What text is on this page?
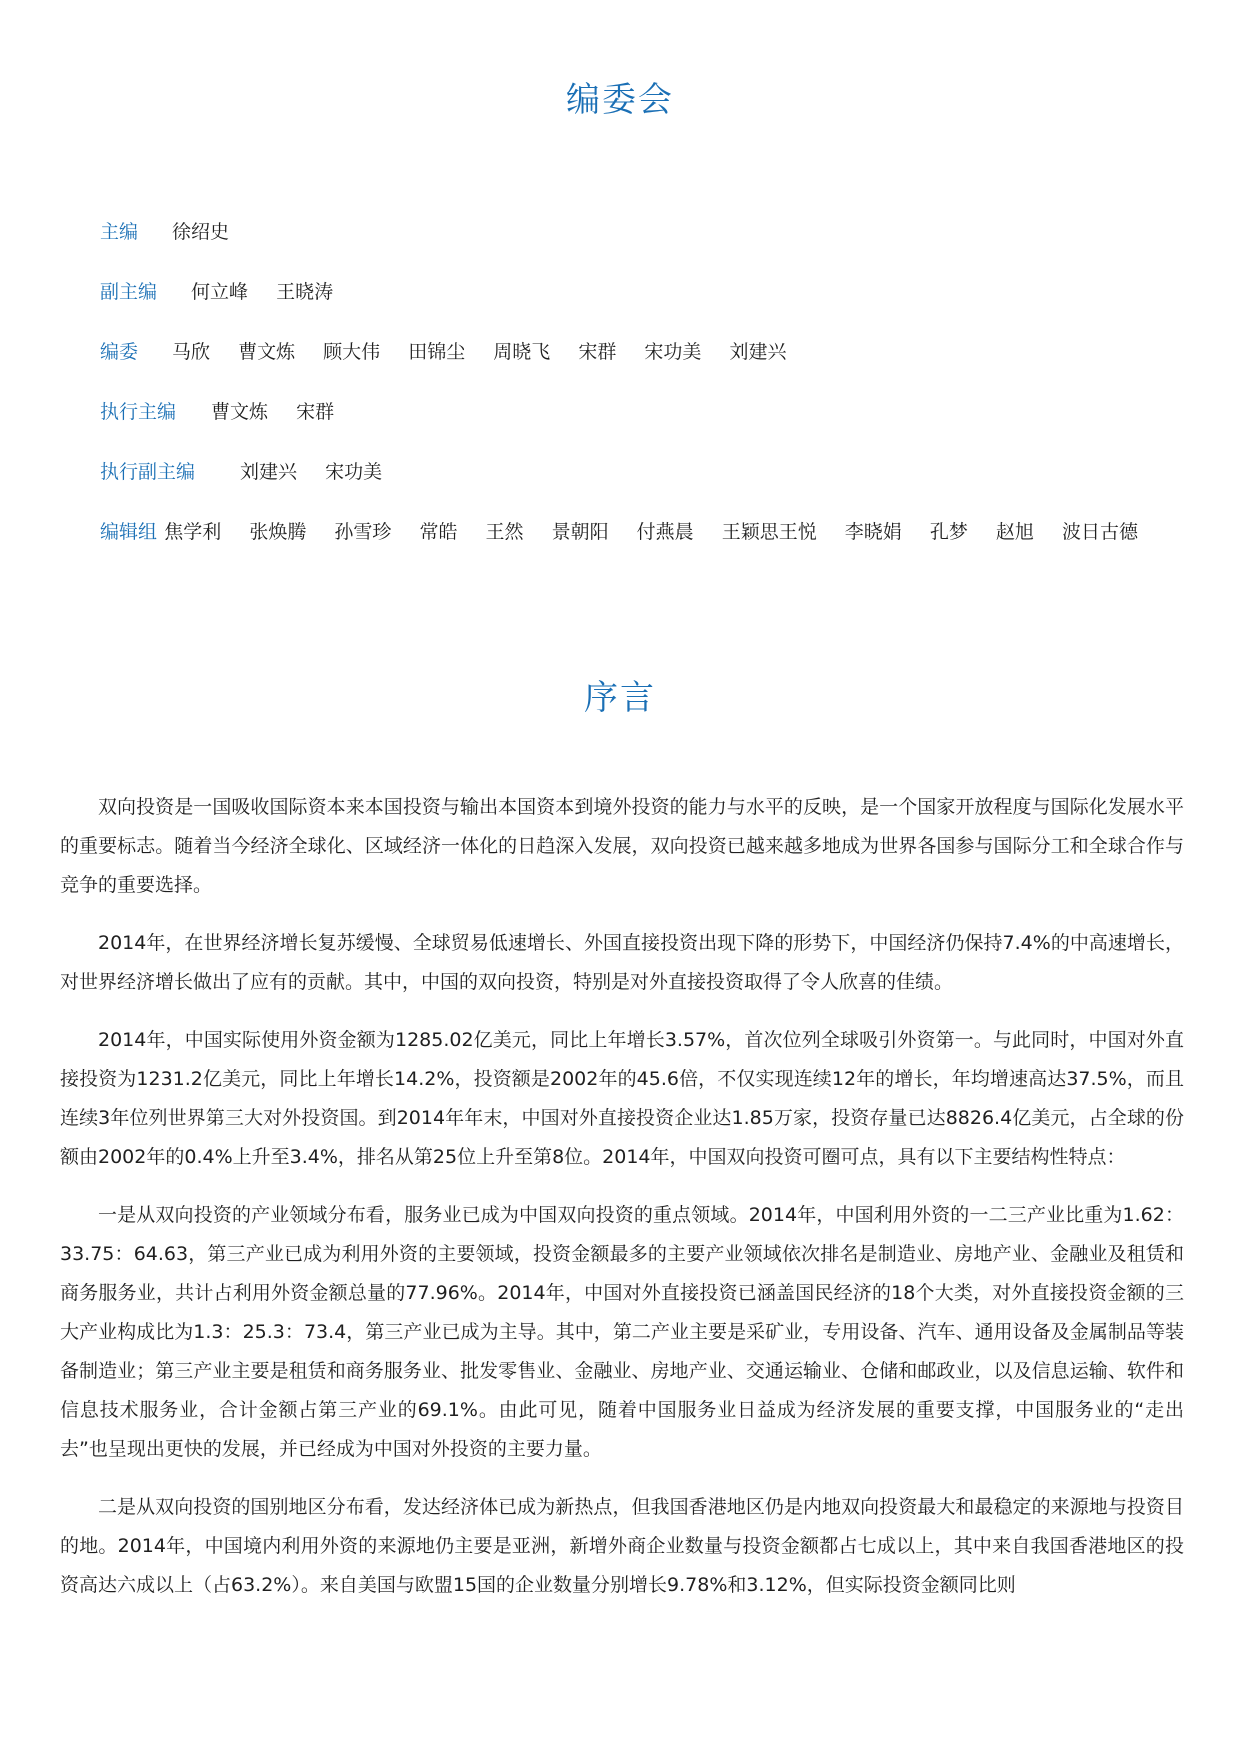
编委会
主编	徐绍史
副主编	何立峰 王晓涛
编委	马欣 曹文炼 顾大伟 田锦尘 周晓飞 宋群 宋功美 刘建兴
执行主编	曹文炼 宋群
执行副主编	刘建兴 宋功美
编辑组 焦学利 张焕腾 孙雪珍 常皓 王然 景朝阳 付燕晨 王颖思王悦 李晓娟 孔梦 赵旭 波日古德
序言

双向投资是一国吸收国际资本来本国投资与输出本国资本到境外投资的能力与水平的反映，是一个国家开放程度与国际化发展水平的重要标志。随着当今经济全球化、区域经济一体化的日趋深入发展，双向投资已越来越多地成为世界各国参与国际分工和全球合作与竞争的重要选择。

2014年，在世界经济增长复苏缓慢、全球贸易低速增长、外国直接投资出现下降的形势下，中国经济仍保持7.4%的中高速增长，对世界经济增长做出了应有的贡献。其中，中国的双向投资，特别是对外直接投资取得了令人欣喜的佳绩。

2014年，中国实际使用外资金额为1285.02亿美元，同比上年增长3.57%，首次位列全球吸引外资第一。与此同时，中国对外直接投资为1231.2亿美元，同比上年增长14.2%，投资额是2002年的45.6倍，不仅实现连续12年的增长，年均增速高达37.5%，而且连续3年位列世界第三大对外投资国。到2014年年末，中国对外直接投资企业达1.85万家，投资存量已达8826.4亿美元，占全球的份额由2002年的0.4%上升至3.4%，排名从第25位上升至第8位。2014年，中国双向投资可圈可点，具有以下主要结构性特点：

一是从双向投资的产业领域分布看，服务业已成为中国双向投资的重点领域。2014年，中国利用外资的一二三产业比重为1.62：33.75：64.63，第三产业已成为利用外资的主要领域，投资金额最多的主要产业领域依次排名是制造业、房地产业、金融业及租赁和商务服务业，共计占利用外资金额总量的77.96%。2014年，中国对外直接投资已涵盖国民经济的18个大类，对外直接投资金额的三大产业构成比为1.3：25.3：73.4，第三产业已成为主导。其中，第二产业主要是采矿业，专用设备、汽车、通用设备及金属制品等装备制造业；第三产业主要是租赁和商务服务业、批发零售业、金融业、房地产业、交通运输业、仓储和邮政业，以及信息运输、软件和信息技术服务业，合计金额占第三产业的69.1%。由此可见，随着中国服务业日益成为经济发展的重要支撑，中国服务业的“走出去”也呈现出更快的发展，并已经成为中国对外投资的主要力量。

二是从双向投资的国别地区分布看，发达经济体已成为新热点，但我国香港地区仍是内地双向投资最大和最稳定的来源地与投资目的地。2014年，中国境内利用外资的来源地仍主要是亚洲，新增外商企业数量与投资金额都占七成以上，其中来自我国香港地区的投资高达六成以上（占63.2%）。来自美国与欧盟15国的企业数量分别增长9.78%和3.12%，但实际投资金额同比则
